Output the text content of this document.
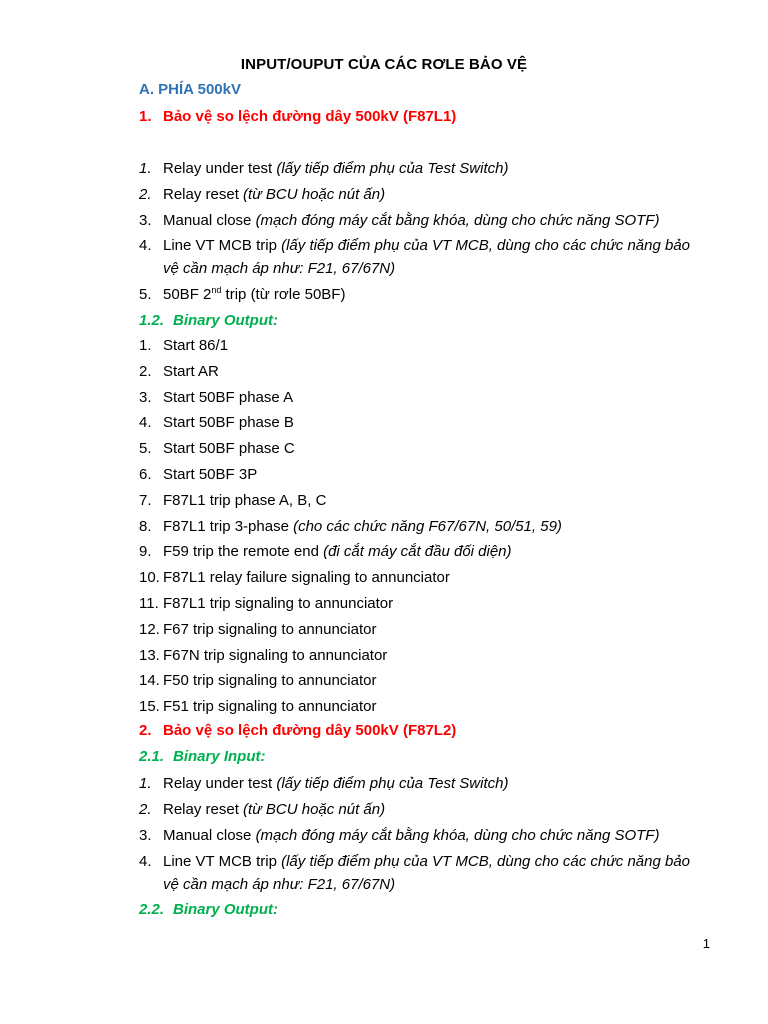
INPUT/OUPUT CỦA CÁC RƠLE BẢO VỆ
A. PHÍA 500kV
1. Bảo vệ so lệch đường dây 500kV (F87L1)
1. Relay under test (lấy tiếp điểm phụ của Test Switch)
2. Relay reset (từ BCU hoặc nút ấn)
3. Manual close (mạch đóng máy cắt bằng khóa, dùng cho chức năng SOTF)
4. Line VT MCB trip (lấy tiếp điểm phụ của VT MCB, dùng cho các chức năng bảo vệ cần mạch áp như: F21, 67/67N)
5. 50BF 2nd trip (từ rơle 50BF)
1.2. Binary Output:
1. Start 86/1
2. Start AR
3. Start 50BF phase A
4. Start 50BF phase B
5. Start 50BF phase C
6. Start 50BF 3P
7. F87L1 trip phase A, B, C
8. F87L1 trip 3-phase (cho các chức năng F67/67N, 50/51, 59)
9. F59 trip the remote end (đi cắt máy cắt đầu đối diện)
10. F87L1 relay failure signaling to annunciator
11. F87L1 trip signaling to annunciator
12. F67 trip signaling to annunciator
13. F67N trip signaling to annunciator
14. F50 trip signaling to annunciator
15. F51 trip signaling to annunciator
2. Bảo vệ so lệch đường dây 500kV (F87L2)
2.1. Binary Input:
1. Relay under test (lấy tiếp điểm phụ của Test Switch)
2. Relay reset (từ BCU hoặc nút ấn)
3. Manual close (mạch đóng máy cắt bằng khóa, dùng cho chức năng SOTF)
4. Line VT MCB trip (lấy tiếp điểm phụ của VT MCB, dùng cho các chức năng bảo vệ cần mạch áp như: F21, 67/67N)
2.2. Binary Output:
1
